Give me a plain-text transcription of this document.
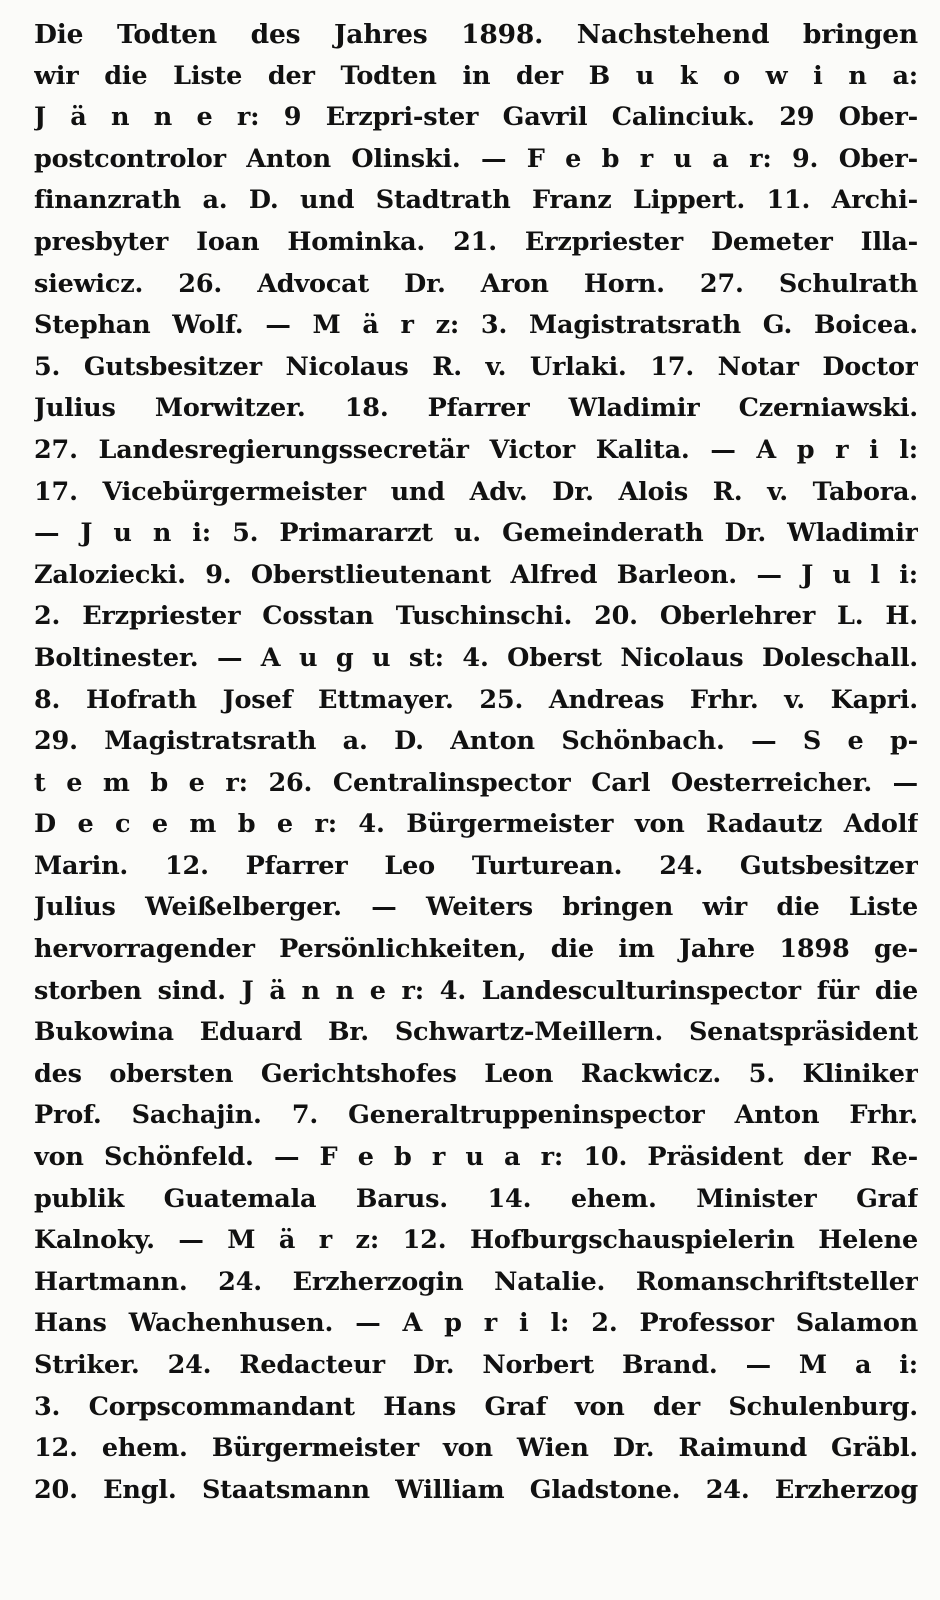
Die Todten des Jahres 1898. Nachstehend bringen
wir die Liste der Todten in der B u k o w i n a:
J ä n n e r: 9 Erzpri-ster Gavril Calinciuk. 29 Ober-
postcontrolor Anton Olinski. — F e b r u a r: 9. Ober-
finanzrath a. D. und Stadtrath Franz Lippert. 11. Archi-
presbyter Ioan Hominka. 21. Erzpriester Demeter Illa-
siewicz. 26. Advocat Dr. Aron Horn. 27. Schulrath
Stephan Wolf. — M ä r z: 3. Magistratsrath G. Boicea.
5. Gutsbesitzer Nicolaus R. v. Urlaki. 17. Notar Doctor
Julius Morwitzer. 18. Pfarrer Wladimir Czerniawski.
27. Landesregierungssecretär Victor Kalita. — A p r i l:
17. Vicebürgermeister und Adv. Dr. Alois R. v. Tabora.
— J u n i: 5. Primararzt u. Gemeinderath Dr. Wladimir
Zaloziecki. 9. Oberstlieutenant Alfred Barleon. — J u l i:
2. Erzpriester Cosstan Tuschinschi. 20. Oberlehrer L. H.
Boltinester. — A u g u st: 4. Oberst Nicolaus Doleschall.
8. Hofrath Josef Ettmayer. 25. Andreas Frhr. v. Kapri.
29. Magistratsrath a. D. Anton Schönbach. — S e p-
t e m b e r: 26. Centralinspector Carl Oesterreicher. —
D e c e m b e r: 4. Bürgermeister von Radautz Adolf
Marin. 12. Pfarrer Leo Turturean. 24. Gutsbesitzer
Julius Weißelberger. — Weiters bringen wir die Liste
hervorragender Persönlichkeiten, die im Jahre 1898 ge-
storben sind. J ä n n e r: 4. Landesculturinspector für die
Bukowina Eduard Br. Schwartz-Meillern. Senatspräsident
des obersten Gerichtshofes Leon Rackwicz. 5. Kliniker
Prof. Sachajin. 7. Generaltruppeninspector Anton Frhr.
von Schönfeld. — F e b r u a r: 10. Präsident der Re-
publik Guatemala Barus. 14. ehem. Minister Graf
Kalnoky. — M ä r z: 12. Hofburgschauspielerin Helene
Hartmann. 24. Erzherzogin Natalie. Romanschriftsteller
Hans Wachenhusen. — A p r i l: 2. Professor Salamon
Striker. 24. Redacteur Dr. Norbert Brand. — M a i:
3. Corpscommandant Hans Graf von der Schulenburg.
12. ehem. Bürgermeister von Wien Dr. Raimund Gräbl.
20. Engl. Staatsmann William Gladstone. 24. Erzherzog
